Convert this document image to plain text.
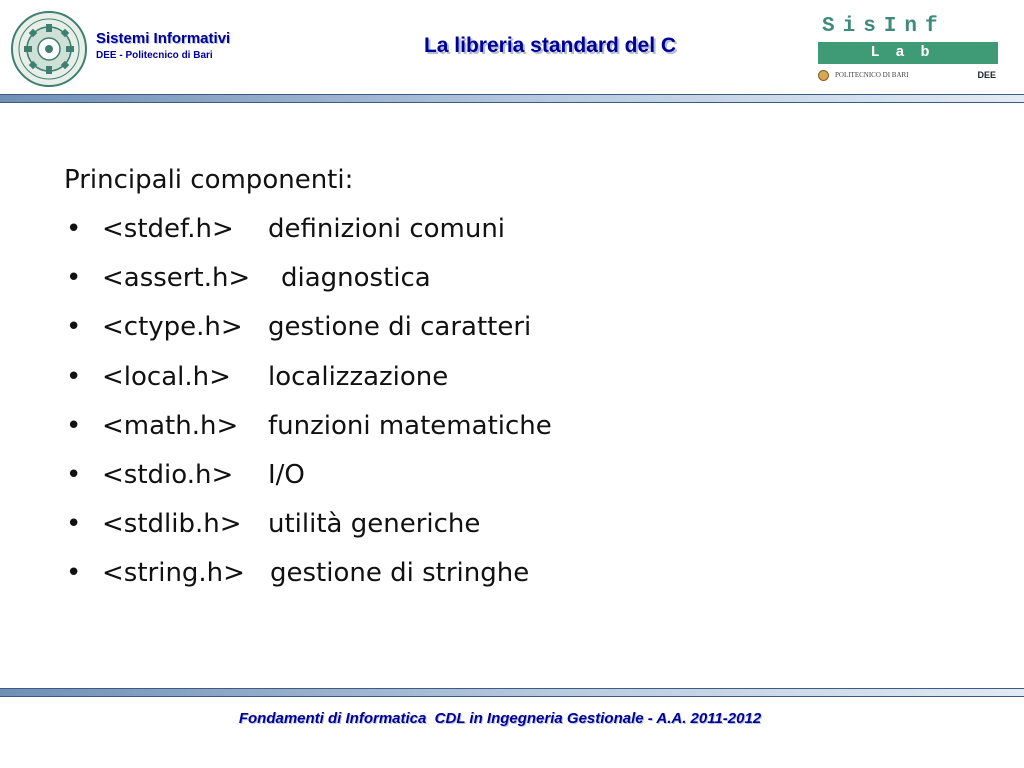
Sistemi Informativi
DEE - Politecnico di Bari	La libreria standard del C
SisInf
Lab
POLITECNICO DI BARI	DEE
Principali componenti:
• <stdef.h> definizioni comuni
• <assert.h> diagnostica
• <ctype.h> gestione di caratteri
• <local.h> localizzazione
• <math.h> funzioni matematiche
• <stdio.h> I/O
• <stdlib.h> utilità generiche
• <string.h> gestione di stringhe
Fondamenti di Informatica  CDL in Ingegneria Gestionale - A.A. 2011-2012
